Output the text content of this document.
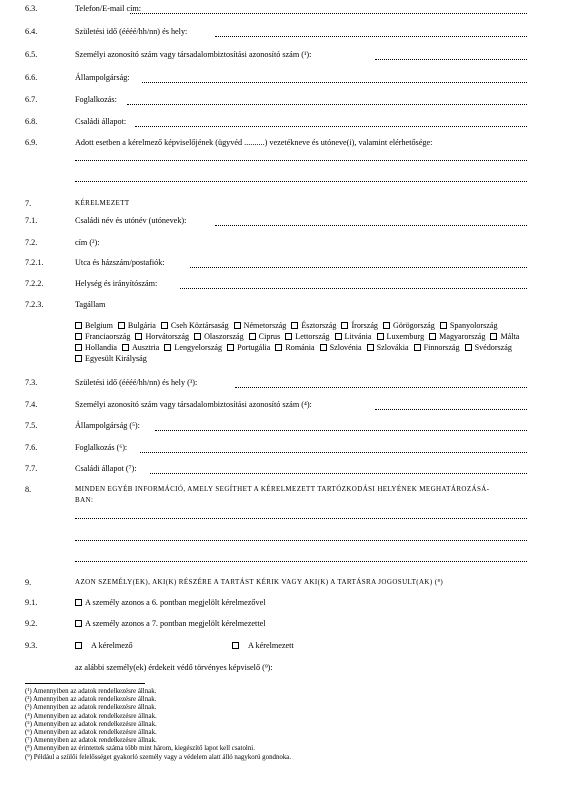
6.3.	Telefon/E-mail cím:
6.4.	Születési idő (éééé/hh/nn) és hely:
6.5.	Személyi azonosító szám vagy társadalombiztosítási azonosító szám (¹):
6.6.	Állampolgárság:
6.7.	Foglalkozás:
6.8.	Családi állapot:
6.9.	Adott esetben a kérelmező képviselőjének (ügyvéd ..........) vezetékneve és utóneve(i), valamint elérhetősége:
7.	KÉRELMEZETT
7.1.	Családi név és utónév (utónevek):
7.2.	cím (²):
7.2.1.	Utca és házszám/postafiók:
7.2.2.	Helység és irányítószám:
7.2.3.	Tagállam
Belgium Bulgária Cseh Köztársaság Németország Észtország Írország Görögország Spanyolország Franciaország Horvátország Olaszország Ciprus Lettország Litvánia Luxemburg Magyarország Málta Hollandia Ausztria Lengyelország Portugália Románia Szlovénia Szlovákia Finnország Svédország Egyesült Királyság
7.3.	Születési idő (éééé/hh/nn) és hely (³):
7.4.	Személyi azonosító szám vagy társadalombiztosítási azonosító szám (⁴):
7.5.	Állampolgárság (⁵):
7.6.	Foglalkozás (⁶):
7.7.	Családi állapot (⁷):
8.	MINDEN EGYÉB INFORMÁCIÓ, AMELY SEGÍTHET A KÉRELMEZETT TARTÓZKODÁSI HELYÉNEK MEGHATÁROZÁSÁ-
BAN:
9.	AZON SZEMÉLY(EK), AKI(K) RÉSZÉRE A TARTÁST KÉRIK VAGY AKI(K) A TARTÁSRA JOGOSULT(AK) (⁸)
9.1.	A személy azonos a 6. pontban megjelölt kérelmezővel
9.2.	A személy azonos a 7. pontban megjelölt kérelmezettel
9.3.	A kérelmező	A kérelmezett
az alábbi személy(ek) érdekeit védő törvényes képviselő (⁹):
(¹) Amennyiben az adatok rendelkezésre állnak.
(²) Amennyiben az adatok rendelkezésre állnak.
(³) Amennyiben az adatok rendelkezésre állnak.
(⁴) Amennyiben az adatok rendelkezésre állnak.
(⁵) Amennyiben az adatok rendelkezésre állnak.
(⁶) Amennyiben az adatok rendelkezésre állnak.
(⁷) Amennyiben az adatok rendelkezésre állnak.
(⁸) Amennyiben az érintettek száma több mint három, kiegészítő lapot kell csatolni.
(⁹) Például a szülői felelősséget gyakorló személy vagy a védelem alatt álló nagykorú gondnoka.
